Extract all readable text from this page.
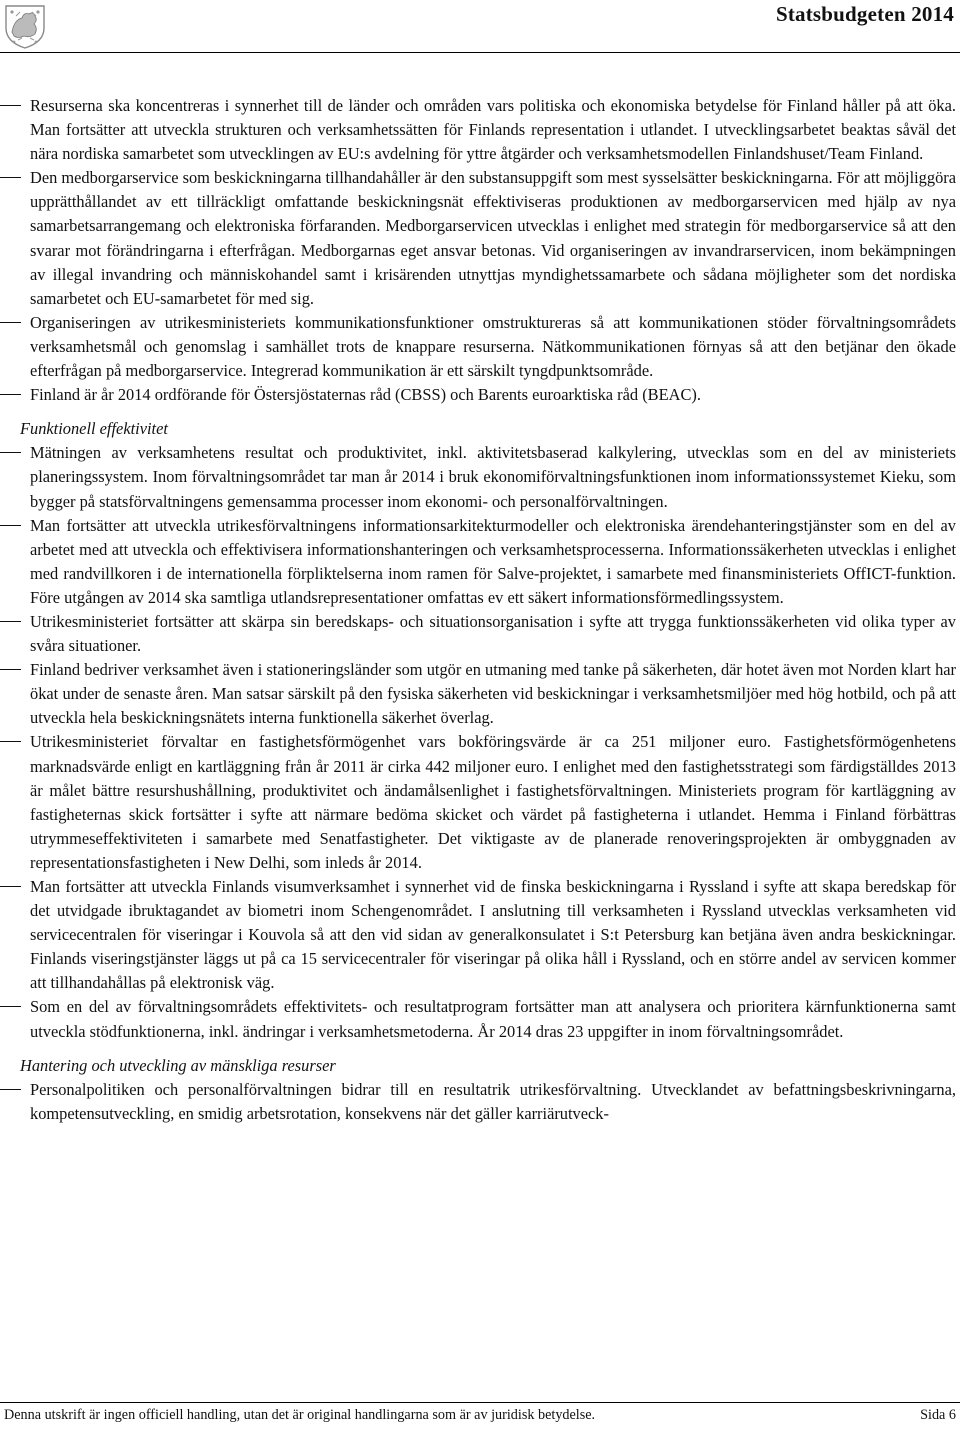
Statsbudgeten 2014

Resurserna ska koncentreras i synnerhet till de länder och områden vars politiska och ekonomiska betydelse för Finland håller på att öka. Man fortsätter att utveckla strukturen och verksamhetssätten för Finlands representation i utlandet. I utvecklingsarbetet beaktas såväl det nära nordiska samarbetet som utvecklingen av EU:s avdelning för yttre åtgärder och verksamhetsmodellen Finlandshuset/Team Finland.

Den medborgarservice som beskickningarna tillhandahåller är den substansuppgift som mest sysselsätter beskickningarna. För att möjliggöra upprätthållandet av ett tillräckligt omfattande beskickningsnät effektiviseras produktionen av medborgarservicen med hjälp av nya samarbetsarrangemang och elektroniska förfaranden. Medborgarservicen utvecklas i enlighet med strategin för medborgarservice så att den svarar mot förändringarna i efterfrågan. Medborgarnas eget ansvar betonas. Vid organiseringen av invandrarservicen, inom bekämpningen av illegal invandring och människohandel samt i krisärenden utnyttjas myndighetssamarbete och sådana möjligheter som det nordiska samarbetet och EU-samarbetet för med sig.

Organiseringen av utrikesministeriets kommunikationsfunktioner omstruktureras så att kommunikationen stöder förvaltningsområdets verksamhetsmål och genomslag i samhället trots de knappare resurserna. Nätkommunikationen förnyas så att den betjänar den ökade efterfrågan på medborgarservice. Integrerad kommunikation är ett särskilt tyngdpunktsområde.

Finland är år 2014 ordförande för Östersjöstaternas råd (CBSS) och Barents euroarktiska råd (BEAC).

Funktionell effektivitet

Mätningen av verksamhetens resultat och produktivitet, inkl. aktivitetsbaserad kalkylering, utvecklas som en del av ministeriets planeringssystem. Inom förvaltningsområdet tar man år 2014 i bruk ekonomiförvaltningsfunktionen inom informationssystemet Kieku, som bygger på statsförvaltningens gemensamma processer inom ekonomi- och personalförvaltningen.

Man fortsätter att utveckla utrikesförvaltningens informationsarkitekturmodeller och elektroniska ärendehanteringstjänster som en del av arbetet med att utveckla och effektivisera informationshanteringen och verksamhetsprocesserna. Informationssäkerheten utvecklas i enlighet med randvillkoren i de internationella förpliktelserna inom ramen för Salve-projektet, i samarbete med finansministeriets OffICT-funktion. Före utgången av 2014 ska samtliga utlandsrepresentationer omfattas ev ett säkert informationsförmedlingssystem.

Utrikesministeriet fortsätter att skärpa sin beredskaps- och situationsorganisation i syfte att trygga funktionssäkerheten vid olika typer av svåra situationer.

Finland bedriver verksamhet även i stationeringsländer som utgör en utmaning med tanke på säkerheten, där hotet även mot Norden klart har ökat under de senaste åren. Man satsar särskilt på den fysiska säkerheten vid beskickningar i verksamhetsmiljöer med hög hotbild, och på att utveckla hela beskickningsnätets interna funktionella säkerhet överlag.

Utrikesministeriet förvaltar en fastighetsförmögenhet vars bokföringsvärde är ca 251 miljoner euro. Fastighetsförmögenhetens marknadsvärde enligt en kartläggning från år 2011 är cirka 442 miljoner euro. I enlighet med den fastighetsstrategi som färdigställdes 2013 är målet bättre resurshushållning, produktivitet och ändamålsenlighet i fastighetsförvaltningen. Ministeriets program för kartläggning av fastigheternas skick fortsätter i syfte att närmare bedöma skicket och värdet på fastigheterna i utlandet. Hemma i Finland förbättras utrymmeseffektiviteten i samarbete med Senatfastigheter. Det viktigaste av de planerade renoveringsprojekten är ombyggnaden av representationsfastigheten i New Delhi, som inleds år 2014.

Man fortsätter att utveckla Finlands visumverksamhet i synnerhet vid de finska beskickningarna i Ryssland i syfte att skapa beredskap för det utvidgade ibruktagandet av biometri inom Schengenområdet. I anslutning till verksamheten i Ryssland utvecklas verksamheten vid servicecentralen för viseringar i Kouvola så att den vid sidan av generalkonsulatet i S:t Petersburg kan betjäna även andra beskickningar. Finlands viseringstjänster läggs ut på ca 15 servicecentraler för viseringar på olika håll i Ryssland, och en större andel av servicen kommer att tillhandahållas på elektronisk väg.

Som en del av förvaltningsområdets effektivitets- och resultatprogram fortsätter man att analysera och prioritera kärnfunktionerna samt utveckla stödfunktionerna, inkl. ändringar i verksamhetsmetoderna. År 2014 dras 23 uppgifter in inom förvaltningsområdet.

Hantering och utveckling av mänskliga resurser

Personalpolitiken och personalförvaltningen bidrar till en resultatrik utrikesförvaltning. Utvecklandet av befattningsbeskrivningarna, kompetensutveckling, en smidig arbetsrotation, konsekvens när det gäller karriärutveck-

Denna utskrift är ingen officiell handling, utan det är original handlingarna som är av juridisk betydelse.	Sida 6
